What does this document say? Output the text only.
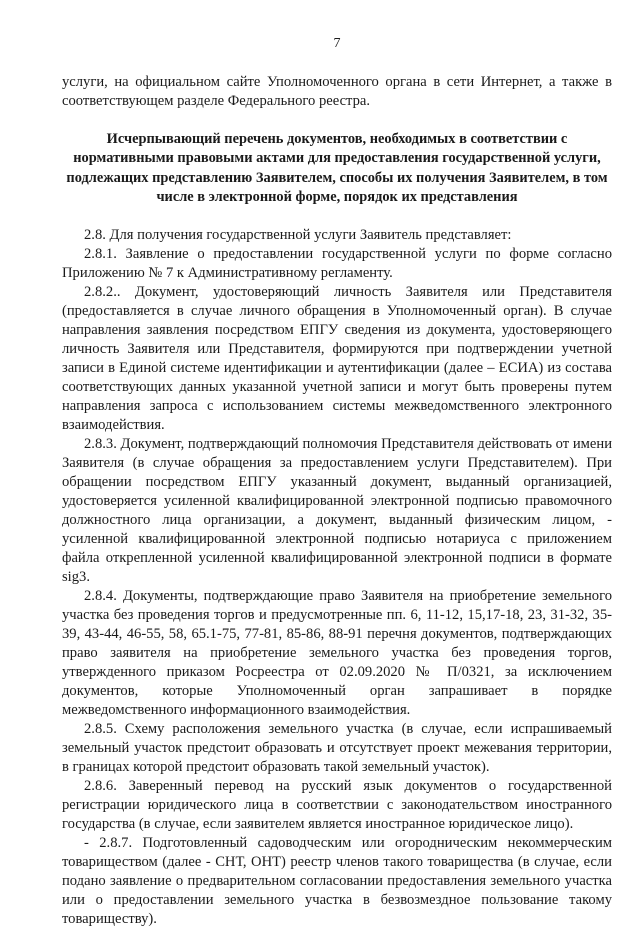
7

услуги, на официальном сайте Уполномоченного органа в сети Интернет, а также в соответствующем разделе Федерального реестра.

Исчерпывающий перечень документов, необходимых в соответствии с нормативными правовыми актами для предоставления государственной услуги, подлежащих представлению Заявителем, способы их получения Заявителем, в том числе в электронной форме, порядок их представления

2.8. Для получения государственной услуги Заявитель представляет:

2.8.1. Заявление о предоставлении государственной услуги по форме согласно Приложению № 7 к Административному регламенту.

2.8.2.. Документ, удостоверяющий личность Заявителя или Представителя (предоставляется в случае личного обращения в Уполномоченный орган). В случае направления заявления посредством ЕПГУ сведения из документа, удостоверяющего личность Заявителя или Представителя, формируются при подтверждении учетной записи в Единой системе идентификации и аутентификации (далее – ЕСИА) из состава соответствующих данных указанной учетной записи и могут быть проверены путем направления запроса с использованием системы межведомственного электронного взаимодействия.

2.8.3. Документ, подтверждающий полномочия Представителя действовать от имени Заявителя (в случае обращения за предоставлением услуги Представителем). При обращении посредством ЕПГУ указанный документ, выданный организацией, удостоверяется усиленной квалифицированной электронной подписью правомочного должностного лица организации, а документ, выданный физическим лицом, - усиленной квалифицированной электронной подписью нотариуса с приложением файла открепленной усиленной квалифицированной электронной подписи в формате sig3.

2.8.4. Документы, подтверждающие право Заявителя на приобретение земельного участка без проведения торгов и предусмотренные пп. 6, 11-12, 15,17-18, 23, 31-32, 35-39, 43-44, 46-55, 58, 65.1-75, 77-81, 85-86, 88-91 перечня документов, подтверждающих право заявителя на приобретение земельного участка без проведения торгов, утвержденного приказом Росреестра от 02.09.2020 № П/0321, за исключением документов, которые Уполномоченный орган запрашивает в порядке межведомственного информационного взаимодействия.

2.8.5. Схему расположения земельного участка (в случае, если испрашиваемый земельный участок предстоит образовать и отсутствует проект межевания территории, в границах которой предстоит образовать такой земельный участок).

2.8.6. Заверенный перевод на русский язык документов о государственной регистрации юридического лица в соответствии с законодательством иностранного государства (в случае, если заявителем является иностранное юридическое лицо).

- 2.8.7. Подготовленный садоводческим или огородническим некоммерческим товариществом (далее - СНТ, ОНТ) реестр членов такого товарищества (в случае, если подано заявление о предварительном согласовании предоставления земельного участка или о предоставлении земельного участка в безвозмездное пользование такому товариществу).
